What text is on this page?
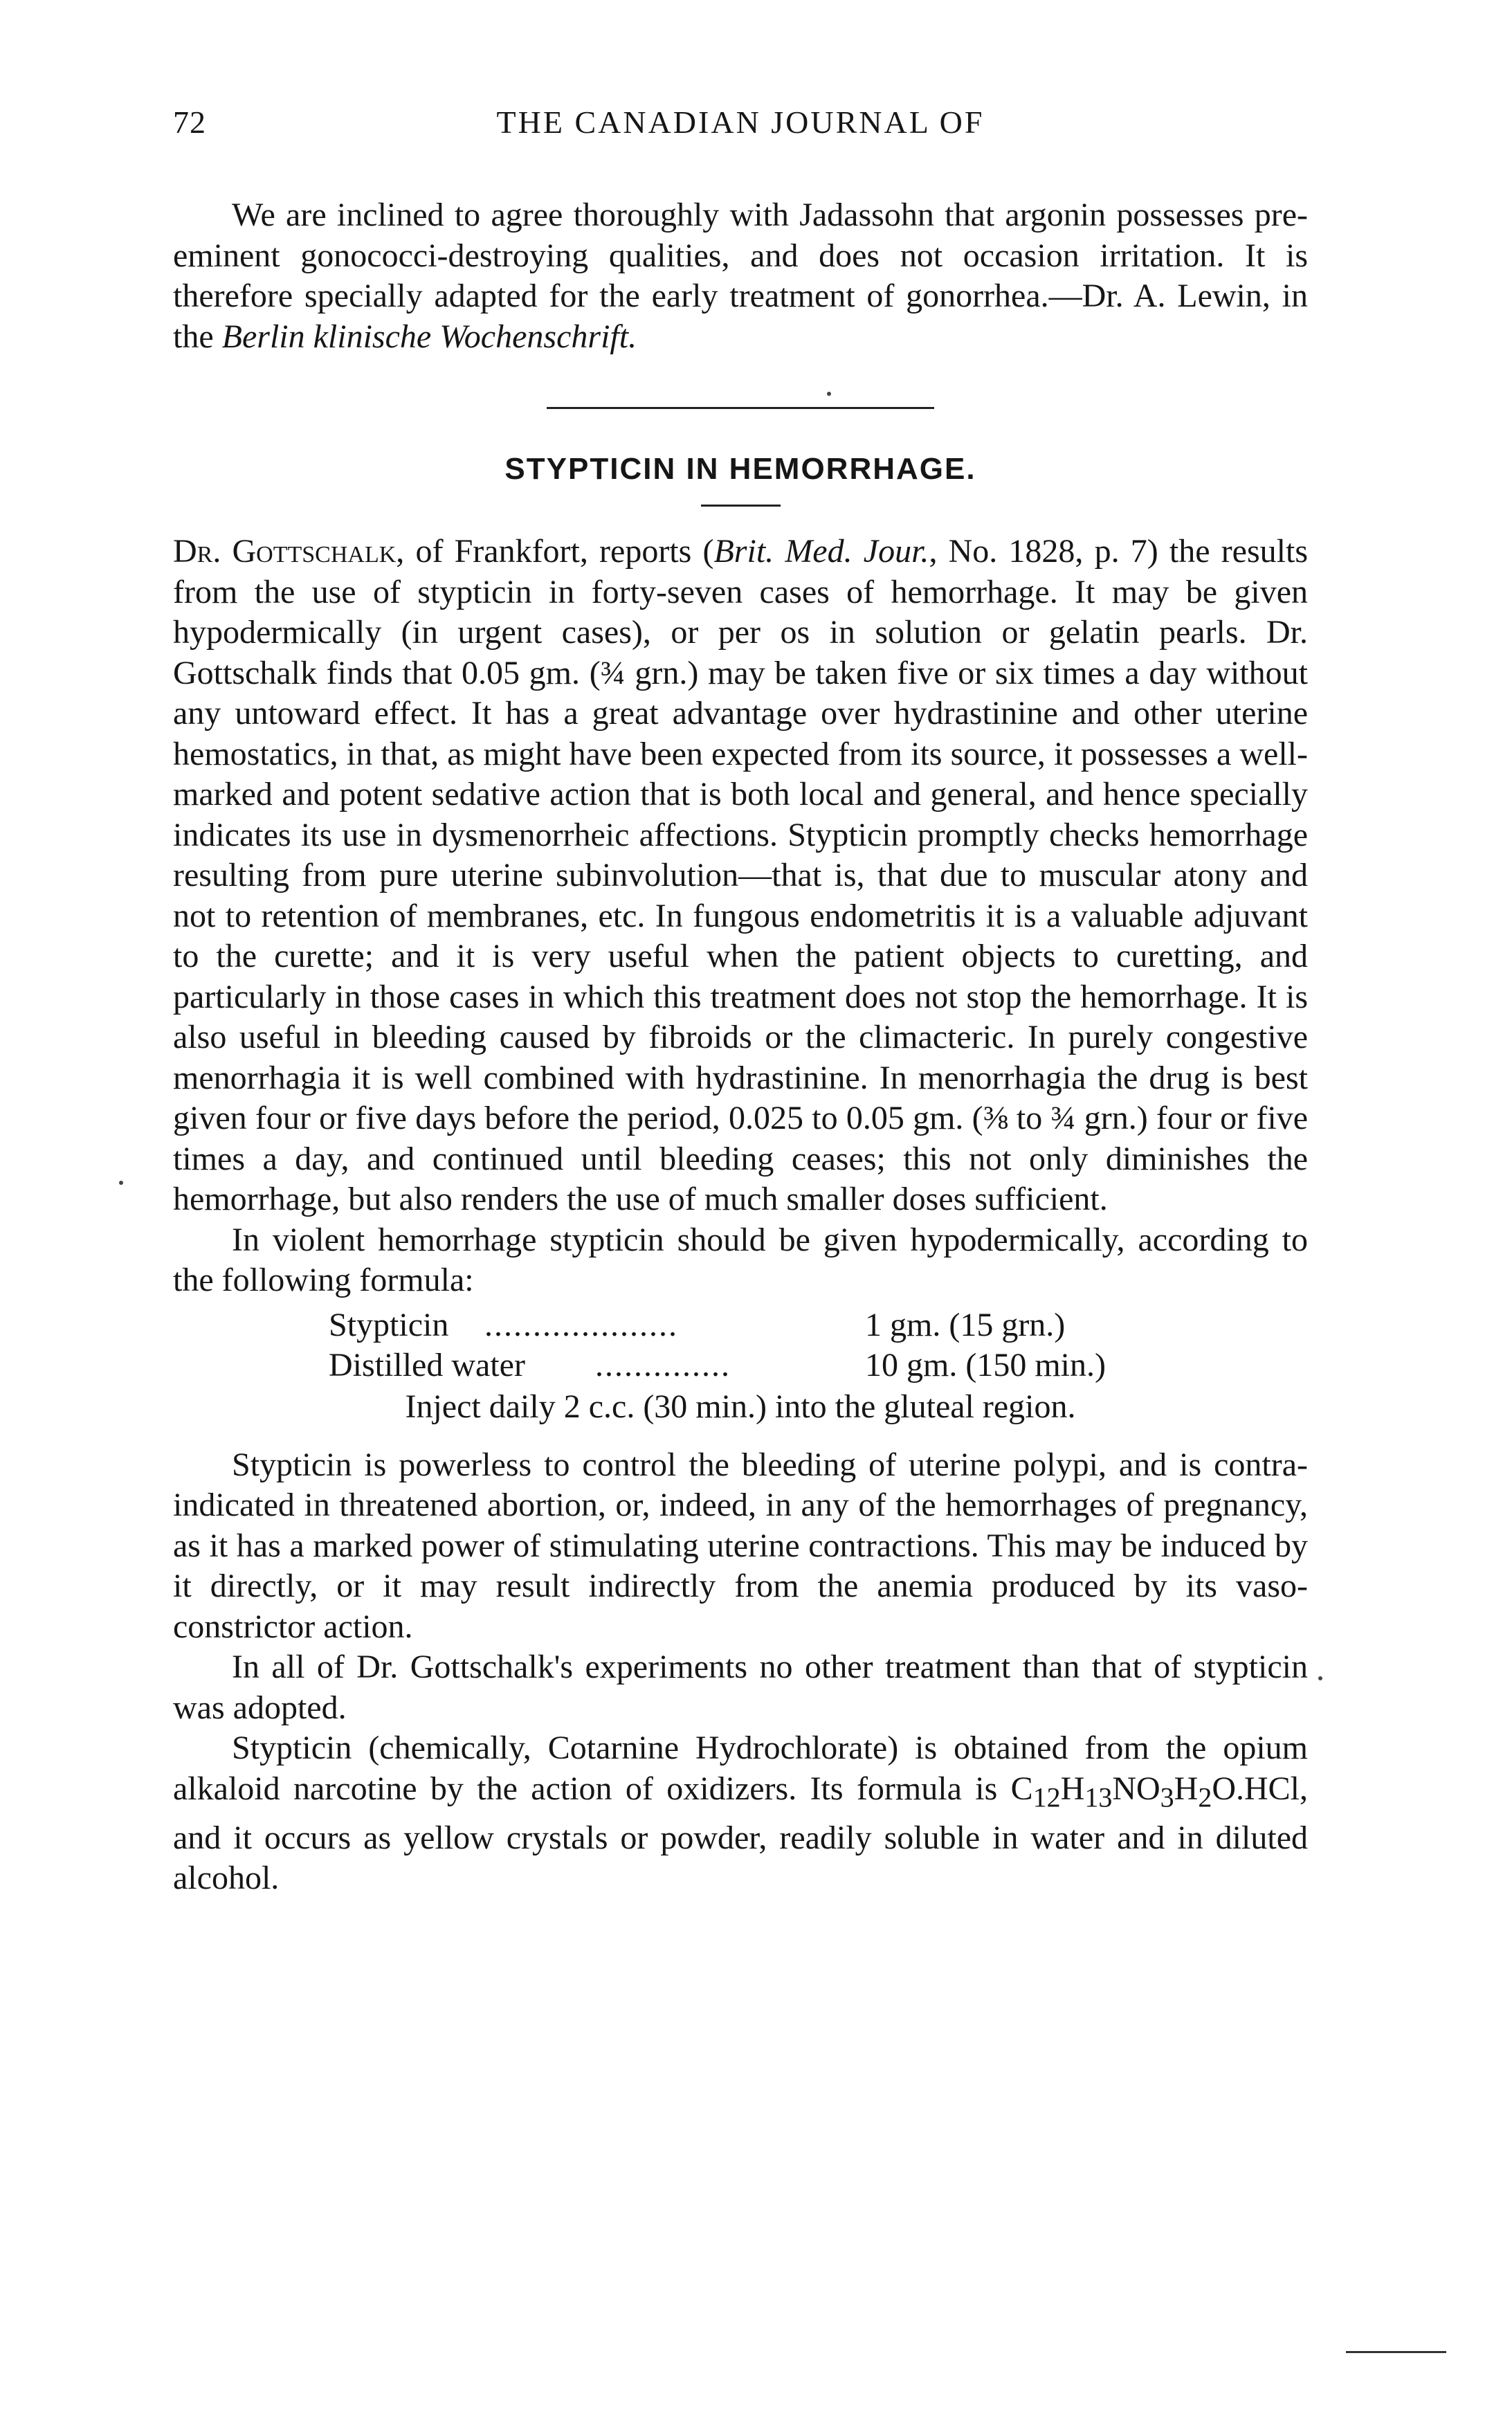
72	THE CANADIAN JOURNAL OF

We are inclined to agree thoroughly with Jadassohn that argonin possesses pre-eminent gonococci-destroying qualities, and does not occasion irritation. It is therefore specially adapted for the early treatment of gonorrhea.—Dr. A. Lewin, in the Berlin klinische Wochenschrift.

STYPTICIN IN HEMORRHAGE.

Dr. Gottschalk, of Frankfort, reports (Brit. Med. Jour., No. 1828, p. 7) the results from the use of stypticin in forty-seven cases of hemorrhage. It may be given hypodermically (in urgent cases), or per os in solution or gelatin pearls. Dr. Gottschalk finds that 0.05 gm. (¾ grn.) may be taken five or six times a day without any untoward effect. It has a great advantage over hydrastinine and other uterine hemostatics, in that, as might have been expected from its source, it possesses a well-marked and potent sedative action that is both local and general, and hence specially indicates its use in dysmenorrheic affections. Stypticin promptly checks hemorrhage resulting from pure uterine subinvolution—that is, that due to muscular atony and not to retention of membranes, etc. In fungous endometritis it is a valuable adjuvant to the curette; and it is very useful when the patient objects to curetting, and particularly in those cases in which this treatment does not stop the hemorrhage. It is also useful in bleeding caused by fibroids or the climacteric. In purely congestive menorrhagia it is well combined with hydrastinine. In menorrhagia the drug is best given four or five days before the period, 0.025 to 0.05 gm. (⅜ to ¾ grn.) four or five times a day, and continued until bleeding ceases; this not only diminishes the hemorrhage, but also renders the use of much smaller doses sufficient.

In violent hemorrhage stypticin should be given hypodermically, according to the following formula:

Stypticin ....................	1 gm. (15 grn.)
Distilled water ..............	10 gm. (150 min.)
Inject daily 2 c.c. (30 min.) into the gluteal region.

Stypticin is powerless to control the bleeding of uterine polypi, and is contra-indicated in threatened abortion, or, indeed, in any of the hemorrhages of pregnancy, as it has a marked power of stimulating uterine contractions. This may be induced by it directly, or it may result indirectly from the anemia produced by its vaso-constrictor action.

In all of Dr. Gottschalk's experiments no other treatment than that of stypticin was adopted.

Stypticin (chemically, Cotarnine Hydrochlorate) is obtained from the opium alkaloid narcotine by the action of oxidizers. Its formula is $C_{12}H_{13}NO_3H_2O.HCl$, and it occurs as yellow crystals or powder, readily soluble in water and in diluted alcohol.
